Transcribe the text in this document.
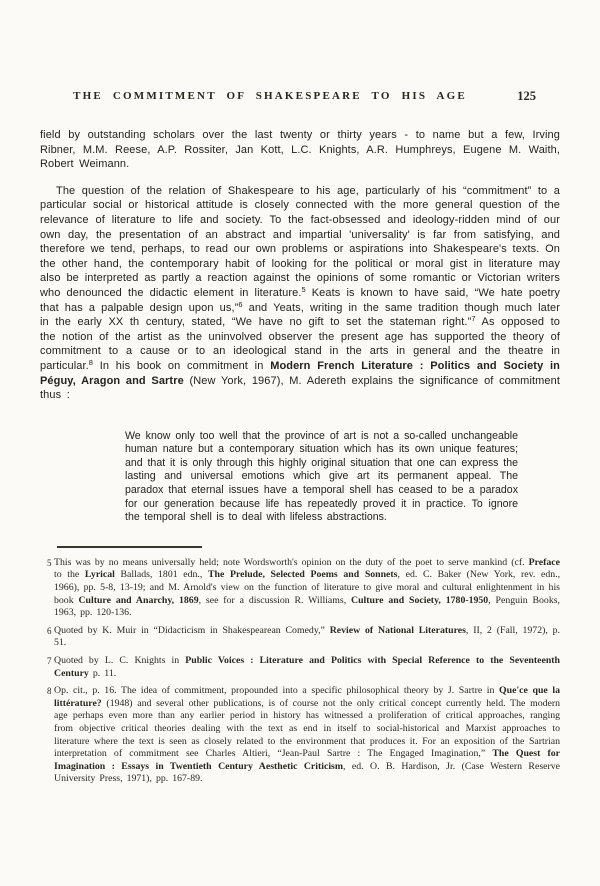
THE COMMITMENT OF SHAKESPEARE TO HIS AGE	125

field by outstanding scholars over the last twenty or thirty years - to name but a few, Irving Ribner, M.M. Reese, A.P. Rossiter, Jan Kott, L.C. Knights, A.R. Humphreys, Eugene M. Waith, Robert Weimann.

The question of the relation of Shakespeare to his age, particularly of his “commitment” to a particular social or historical attitude is closely connected with the more general question of the relevance of literature to life and society. To the fact-obsessed and ideology-ridden mind of our own day, the presentation of an abstract and impartial 'universality' is far from satisfying, and therefore we tend, perhaps, to read our own problems or aspirations into Shakespeare's texts. On the other hand, the contemporary habit of looking for the political or moral gist in literature may also be interpreted as partly a reaction against the opinions of some romantic or Victorian writers who denounced the didactic element in literature.$^5$ Keats is known to have said, “We hate poetry that has a palpable design upon us,”$^6$ and Yeats, writing in the same tradition though much later in the early XX th century, stated, “We have no gift to set the stateman right.”$^7$ As opposed to the notion of the artist as the uninvolved observer the present age has supported the theory of commitment to a cause or to an ideological stand in the arts in general and the theatre in particular.$^8$ In his book on commitment in Modern French Literature : Politics and Society in Péguy, Aragon and Sartre (New York, 1967), M. Adereth explains the significance of commitment thus :

We know only too well that the province of art is not a so-called unchangeable human nature but a contemporary situation which has its own unique features; and that it is only through this highly original situation that one can express the lasting and universal emotions which give art its permanent appeal. The paradox that eternal issues have a temporal shell has ceased to be a paradox for our generation because life has repeatedly proved it in practice. To ignore the temporal shell is to deal with lifeless abstractions.
5 This was by no means universally held; note Wordsworth's opinion on the duty of the poet to serve mankind (cf. Preface to the Lyrical Ballads, 1801 edn., The Prelude, Selected Poems and Sonnets, ed. C. Baker (New York, rev. edn., 1966), pp. 5-8, 13-19; and M. Arnold's view on the function of literature to give moral and cultural enlightenment in his book Culture and Anarchy, 1869, see for a discussion R. Williams, Culture and Society, 1780-1950, Penguin Books, 1963, pp. 120-136.
6 Quoted by K. Muir in “Didacticism in Shakespearean Comedy,” Review of National Literatures, II, 2 (Fall, 1972), p. 51.
7 Quoted by L. C. Knights in Public Voices : Literature and Politics with Special Reference to the Seventeenth Century p. 11.
8 Op. cit., p. 16. The idea of commitment, propounded into a specific philosophical theory by J. Sartre in Que'ce que la littérature? (1948) and several other publications, is of course not the only critical concept currently held. The modern age perhaps even more than any earlier period in history has witnessed a proliferation of critical approaches, ranging from objective critical theories dealing with the text as end in itself to social-historical and Marxist approaches to literature where the text is seen as closely related to the environment that produces it. For an exposition of the Sartrian interpretation of commitment see Charles Altieri, “Jean-Paul Sartre : The Engaged Imagination,” The Quest for Imagination : Essays in Twentieth Century Aesthetic Criticism, ed. O. B. Hardison, Jr. (Case Western Reserve University Press, 1971), pp. 167-89.
